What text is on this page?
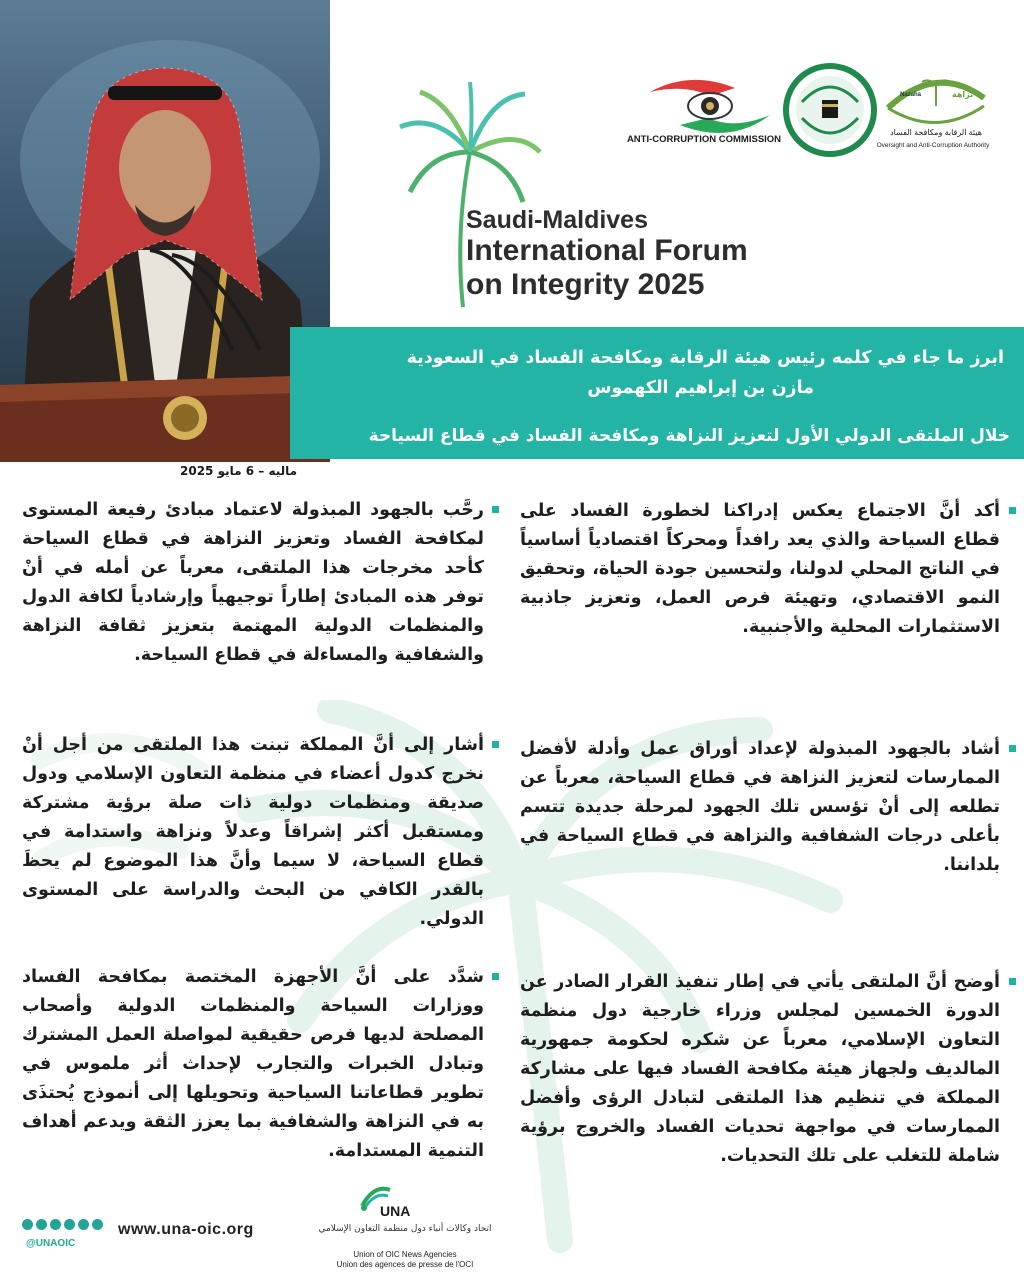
Saudi-Maldives
International Forum
on Integrity 2025
ANTI-CORRUPTION COMMISSION
Nazaha	نزاهة
هيئة الرقابة ومكافحة الفساد
Oversight and Anti-Corruption Authority
ابرز ما جاء في كلمه رئيس هيئة الرقابة ومكافحة الفساد في السعودية
مازن بن إبراهيم الكهموس
خلال الملتقى الدولي الأول لتعزيز النزاهة ومكافحة الفساد في قطاع السياحة
ماليه – 6 مايو 2025
أكد أنَّ الاجتماع يعكس إدراكنا لخطورة الفساد على قطاع السياحة والذي يعد رافداً ومحركاً اقتصادياً أساسياً في الناتج المحلي لدولنا، ولتحسين جودة الحياة، وتحقيق النمو الاقتصادي، وتهيئة فرص العمل، وتعزيز جاذبية الاستثمارات المحلية والأجنبية.
أشاد بالجهود المبذولة لإعداد أوراق عمل وأدلة لأفضل الممارسات لتعزيز النزاهة في قطاع السياحة، معرباً عن تطلعه إلى أنْ تؤسس تلك الجهود لمرحلة جديدة تتسم بأعلى درجات الشفافية والنزاهة في قطاع السياحة في بلداننا.
أوضح أنَّ الملتقى يأتي في إطار تنفيذ القرار الصادر عن الدورة الخمسين لمجلس وزراء خارجية دول منظمة التعاون الإسلامي، معرباً عن شكره لحكومة جمهورية المالديف ولجهاز هيئة مكافحة الفساد فيها على مشاركة المملكة في تنظيم هذا الملتقى لتبادل الرؤى وأفضل الممارسات في مواجهة تحديات الفساد والخروج برؤية شاملة للتغلب على تلك التحديات.
رحَّب بالجهود المبذولة لاعتماد مبادئ رفيعة المستوى لمكافحة الفساد وتعزيز النزاهة في قطاع السياحة كأحد مخرجات هذا الملتقى، معرباً عن أمله في أنْ توفر هذه المبادئ إطاراً توجيهياً وإرشادياً لكافة الدول والمنظمات الدولية المهتمة بتعزيز ثقافة النزاهة والشفافية والمساءلة في قطاع السياحة.
أشار إلى أنَّ المملكة تبنت هذا الملتقى من أجل أنْ نخرج كدول أعضاء في منظمة التعاون الإسلامي ودول صديقة ومنظمات دولية ذات صلة برؤية مشتركة ومستقبل أكثر إشراقاً وعدلاً ونزاهة واستدامة في قطاع السياحة، لا سيما وأنَّ هذا الموضوع لم يحظَ بالقدر الكافي من البحث والدراسة على المستوى الدولي.
شدَّد على أنَّ الأجهزة المختصة بمكافحة الفساد ووزارات السياحة والمنظمات الدولية وأصحاب المصلحة لديها فرص حقيقية لمواصلة العمل المشترك وتبادل الخبرات والتجارب لإحداث أثر ملموس في تطوير قطاعاتنا السياحية وتحويلها إلى أنموذج يُحتذَى به في النزاهة والشفافية بما يعزز الثقة ويدعم أهداف التنمية المستدامة.
@UNAOIC
www.una-oic.org
UNA
اتحاد وكالات أنباء دول منظمة التعاون الإسلامي
Union of OIC News Agencies
Union des agences de presse de l'OCI
